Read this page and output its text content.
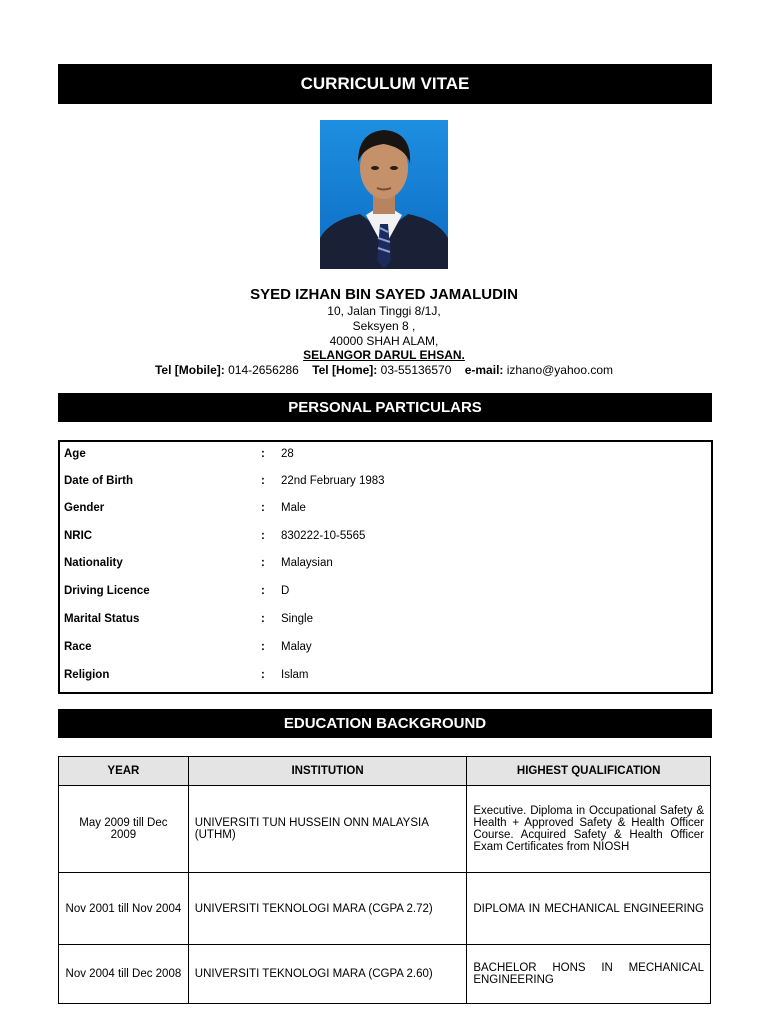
CURRICULUM VITAE
SYED IZHAN BIN SAYED JAMALUDIN
10, Jalan Tinggi 8/1J,
Seksyen 8 ,
40000 SHAH ALAM,
SELANGOR DARUL EHSAN.
Tel [Mobile]: 014-2656286 Tel [Home]: 03-55136570 e-mail: izhano@yahoo.com
PERSONAL PARTICULARS
Age	: 28
Date of Birth	: 22nd February 1983
Gender	: Male
NRIC	: 830222-10-5565
Nationality	: Malaysian
Driving Licence	: D
Marital Status	: Single
Race	: Malay
Religion	: Islam
EDUCATION BACKGROUND
YEAR	INSTITUTION	HIGHEST QUALIFICATION
May 2009 till Dec 2009	UNIVERSITI TUN HUSSEIN ONN MALAYSIA (UTHM)	Executive. Diploma in Occupational Safety & Health + Approved Safety & Health Officer Course. Acquired Safety & Health Officer Exam Certificates from NIOSH
Nov 2001 till Nov 2004	UNIVERSITI TEKNOLOGI MARA (CGPA 2.72)	DIPLOMA IN MECHANICAL ENGINEERING
Nov 2004 till Dec 2008	UNIVERSITI TEKNOLOGI MARA (CGPA 2.60)	BACHELOR HONS IN MECHANICAL ENGINEERING
